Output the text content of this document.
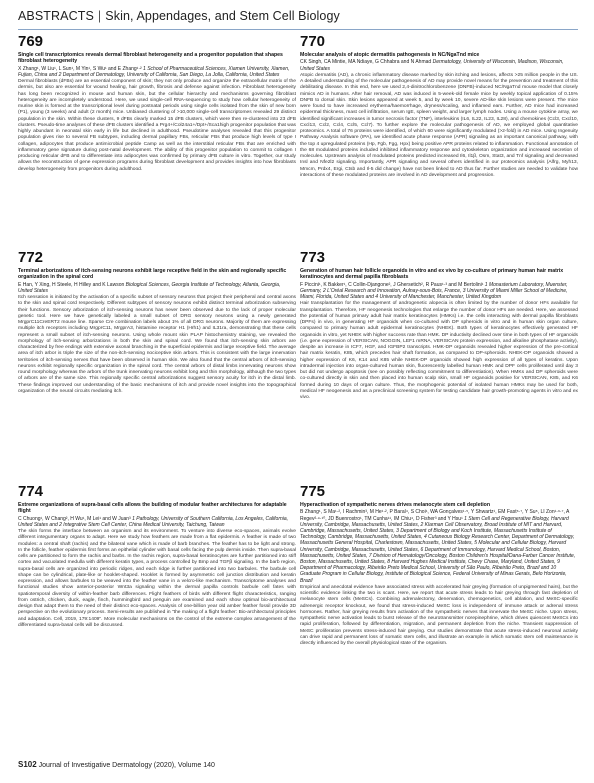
ABSTRACTS | Skin, Appendages, and Stem Cell Biology
769
Single cell transcriptomics reveals dermal fibroblast heterogeneity and a progenitor population that shapes fibroblast heterogeneity
X Zhang¹, W Liu¹, L Sun¹, M Yin¹, S Wu¹ and E Zhang¹·² 1 School of Pharmaceutical Sciences, Xiamen University, Xiamen, Fujian, China and 2 Department of Dermatology, University of California, San Diego, La Jolla, California, United States
Dermal fibroblasts (dFBs) are an essential component of skin; they not only produce and organize the extracellular matrix of the dermis, but also are essential for wound healing, hair growth, fibrosis and defense against infection. Fibroblast heterogeneity has long been recognized in mouse and human skin, but the cellular hierarchy and mechanisms governing fibroblast heterogeneity are incompletely understood. Here, we used single-cell RNA-sequencing to study how cellular heterogeneity of murine skin is formed at the transcriptional level during postnatal periods using single cells isolated from the skin of new born (P1), young (3 weeks) and adult (2 month) mice. Unbiased clustering of >10,000 single-cell transcriptomes revealed 29 distinct population in the skin. Within these clusters, 9 dFBs clearly marked 15 dFB clusters, which were then re-clustered into 23 dFB clusters. Pseudo-time analyses of these dFB clusters identified a Prg4+/Col24a1+/Dpt+/Sca1high progenitor population that was highly abundant in neonatal skin early in life but declined in adulthood. Pseudotime analyses revealed that this progenitor population gives rise to several FB subtypes, including dermal papillary FBs, reticular FBs that produce high levels of type I collagen, adipocytes that produce antimicrobial peptide Camp as well as the interstitial reticular FBs that are enriched with inflammatory gene signature during post-natal development. The ability of this progenitor population to commit to collagen I producing reticular dFB and to differentiate into adipocytes was confirmed by primary dFB culture in vitro. Together, our study allows the reconstruction of gene expression programs during fibroblast development and provides insights into how fibroblasts develop heterogeneity from progenitors during adulthood.
770
Molecular analysis of atopic dermatitis pathogenesis in NC/NgaTnd mice
CK Singh, CA Mintie, MA Ndiaye, G Chhabra and N Ahmad Dermatology, University of Wisconsin, Madison, Wisconsin, United States
Atopic dermatitis (AD), a chronic inflammatory disease marked by skin itching and lesions, affects >25 million people in the US. A detailed understanding of the molecular pathogenesis of AD may provide novel means for the prevention and treatment of this debilitating disease. In this end, here we used 2,4-dinitrochlorobenzene (DNFB)-induced NC/NgaTnd mouse model that closely mimics AD in humans. After hair removal, AD was induced in 5-week-old female mice by weekly topical application of 0.15% DNFB to dorsal skin. Skin lesions appeared at week 5, and by week 10, severe AD-like skin lesions were present. The mice were found to have increased erythema/haemorrhage, dryness/scaling, and inflamed ears. Further, AD mice had increased epidermal thickness, mast cell infiltration, serum IgE, spleen weight, and larger lymph nodes. Using a mouse cytokine array, we identified significant increases in tumor necrosis factor (TNF), interleukins (IL6, IL22, IL23, IL28), and chemokines (Ccl3, Cxcl10, Cxcl13, Ccl2, Ccl4, Ccl5, Ccl7). To further explore the molecular pathogenesis of AD, we employed global quantitative proteomics. A total of 76 proteins were identified, of which 60 were significantly modulated (>2-fold) in AD mice. Using Ingenuity Pathway Analysis software (IPA), we identified acute phase response (APR) signaling as an important canonical pathway, with the top 4 upregulated proteins (Hp, Fgb, Fgg, Hpx) being positive APR proteins related to inflammation. Functional annotation of the 68 modulated proteins included inhibited inflammatory response and cytoskeleton organization and increased secretion of molecules. Upstream analysis of modulated proteins predicted increased Il6, Il1β, Osm, Stat3, and Tnf signaling and decreased Insl and Nfe2l2 signaling. Importantly, APR signaling and several others identified in our proteomics analysis (Alfrg, Myh13, Mmcm, Prdx4, Ergi, Ctsb and Il-5 did change) have not been linked to AD thus far. Further studies are needed to validate how interactions of these modulated proteins are involved in AD development and progression.
772
Terminal arborizations of itch-sensing neurons exhibit large receptive field in the skin and regionally specific organization in the spinal cord
E Han, Y Xing, H Steele, H Hilley and K Lawson Biological Sciences, Georgia Institute of Technology, Atlanta, Georgia, United States
Itch sensation is initiated by the activation of a specific subset of sensory neurons that project their peripheral and central axons to the skin and spinal cord respectively. Different subtypes of sensory neurons exhibit distinct terminal arborization subserving their functions. Sensory arborization of itch-sensing neurons has never been observed due to the lack of proper molecular genetic tool. Here we have genetically labeled a small subset of DRG sensory neurons using a newly generated MrgprC11CreERT2 mouse line. Sparse Cre combination labels about 1% of all DRG neurons. Majority of them are expressing multiple itch receptors including MrgprC11, MrgprA3, histamine receptor H1 (Hrh1) and IL31ra, demonstrating that these cells represent a small subset of itch-sensing neurons. Using whole mount skin PLAP histochemistry staining, we revealed the morphology of itch-sensing arborizations in both the skin and spinal cord. We found that itch-sensing skin arbors are characterized by free endings with extensive axonal branching in the superficial epidermis and large receptive field. The average area of itch arbor is triple the size of the non-itch-sensing nociceptive skin arbors. This is consistent with the large innervation territories of itch-sensing nerves that have been observed in human skin. We also found that the central arbors of itch-sensing neurons exhibit regionally specific organization in the spinal cord. The central arbors of distal limbs innervating neurons show round morphology whereas the arbors of the trunk innervating neurons exhibit long and thin morphology, although the two types of arbors are of the same size. This regionally specific central arborizations suggest sensory acuity for itch in the distal limb. These findings improved our understanding of the basic mechanisms of itch and provide novel insights into the topographical organization of the neural circuits mediating itch.
773
Generation of human hair follicle organoids in vitro and ex vivo by co-culture of primary human hair matrix keratinocytes and dermal papilla fibroblasts
F Piccini¹, K Bakker¹, C Collin-Djangone², J Ghersetich², R Paus¹·³ and M Bertolini¹ 1 Monasterium Laboratory, Muenster, Germany, 2 L'Oréal Research and Innovation, Aulnay-sous-Bois, France, 3 University of Miami Miller School of Medicine, Miami, Florida, United States and 4 University of Manchester, Manchester, United Kingdom
Hair transplantation for the management of androgenetic alopecia is often limited by the number of donor HFs available for transplantation. Therefore, HF neogenesis technologies that enlarge the number of donor HFs are needed. Here, we assessed the potential of human primary adult hair matrix keratinocytes (HMKs) i.e. the cells interacting with dermal papilla fibroblasts (DPFs) in vivo, in generating HF organoids when co-cultured with DP spheroids in vitro and in human skin organ culture, compared to primary human adult epidermal keratinocytes (NHEK). Both types of keratinocytes effectively generated HF organoids in vitro, yet NHEK with higher success rate than HMK. DP inductivity declined over time in both types of HF organoids (i.e. gene expression of VERSICAN, NOGGIN, LEF1 mRNA, VERSICAN protein expression, and alkaline phosphatase activity), despite an increase in ICF7, HGF, and IGFBP2 transcripts. HMK-DP organoids revealed higher expression of the pre-cortical hair matrix keratin, K85, which precedes hair shaft formation, as compared to DP-spheroids. NHEK-DP organoids showed a higher expression of K6, K14 and K85 while NHEK-DP organoids showed high expression of all types of keratins. Upon intradermal injection into organ-cultured human skin, fluorescently labelled human HMK and DPF cells proliferated until day 3 but did not undergo apoptosis (see on possibly reflecting commitment to differentiation). When HMKs and DP spheroids were co-cultured directly in skin and then placed into human scalp skin, small HF organoids positive for VERSICAN, K85, and K6 formed during 10 days of organ culture. Thus, the morphogenic potential of isolated human HMKs may be used for both, medical HF neogenesis and as a preclinical screening system for testing candidate hair growth-promoting agents in vitro and ex vivo.
774
Extreme organizations of supra-basal cells allows the building of modular feather architectures for adaptable flight
C Chuong¹, W Chang², H Wu¹, M Lei¹ and W Juan³ 1 Pathology, University of Southern California, Los Angeles, California, United States and 2 Integrative Stem Cell Center, China Medical University, Taichung, Taiwan
The skin forms the interface between an organism and its environment. To venture into diverse eco-spaces, animals evolve different integumentary organs to adapt. Here we study how feathers are made from a flat epidermis. A feather is made of two modules: a central shaft (rachis) and the bilateral vane which is made of barb branches. The feather has to be light and strong. In the follicle, feather epidermis first forms an epithelial cylinder with basal cells facing the pulp dermis inside. Then supra-basal cells are partitioned to form the rachis and barbs. In the rachis region, supra-basal keratinocytes are further partitioned into stiff cortex and vacuolated medulla with different keratin types, a process controlled by Bmp and TGFβ signaling. In the barb region, supra-basal cells are organized into periodic ridges, and each ridge is further partitioned into two barbules. The barbule cell shape can be cylindrical, plate-like or hooklet-shaped. Hooklet is formed by asymmetric cell junction distribution and keratin expression, and allows barbules to be weaved into the feather vane in a velcro-like mechanism. Transcriptome analyses and functional studies show anterior-posterior Wnt3a signaling within the dermal papilla controls barbule cell fates with spatiotemporal diversity of within-feather barb differences. Flight feathers of birds with different flight characteristics, ranging from ostrich, chicken, duck, eagle, finch, hummingbird and penguin are examined and each show optimal bio-architectural design that adapt them to the need of their distinct eco-spaces. Analysis of one-billion year old amber feather fossil provide 3D perspective on the evolutionary process. Semi-results are published in "the making of a flight feather: Bio-architectural principles and adaptation. Cell, 2019, 179:1409". More molecular mechanisms on the control of the extreme complex arrangement of the differentiated supra-basal cells will be discussed.
775
Hyperactivation of sympathetic nerves drives melanocyte stem cell depletion
B Zhang¹, S Ma¹·², I Rachmin³, M He¹·², P Baral⁴, S Choi¹, WA Gonçalves¹·⁵, Y Shwartz¹, EM Fast⁶·⁷, Y Su⁸, LI Zon¹·⁶·⁷, A Regev²·⁹·¹⁰, JD Buenrostro¹, TM Cunha¹¹, IM Chiu⁴, D Fisher³ and Y Hsu¹ 1 Stem Cell and Regenerative Biology, Harvard University, Cambridge, Massachusetts, United States, 2 Klarman Cell Observatory, Broad Institute of MIT and Harvard, Cambridge, Massachusetts, United States, 3 Department of Biology and Koch Institute, Massachusetts Institute of Technology, Cambridge, Massachusetts, United States, 4 Cutaneous Biology Research Center, Department of Dermatology, Massachusetts General Hospital, Charlestown, Massachusetts, United States, 5 Molecular and Cellular Biology, Harvard University, Cambridge, Massachusetts, United States, 6 Department of Immunology, Harvard Medical School, Boston, Massachusetts, United States, 7 Division of Hematology/Oncology, Boston Children's Hospital/Dana-Farber Cancer Institute, Boston, Massachusetts, United States, 8 Harvard Hughes Medical Institute, Chevy Chase, Maryland, United States, 9 Department of Pharmacology, Ribeirão Preto Medical School, University of São Paulo, Ribeirão Preto, Brazil and 10 Graduate Program in Cellular Biology, Institute of Biological Science, Federal University of Minas Gerais, Belo Horizonte, Brazil
Empirical and anecdotal evidence have associated stress with accelerated hair greying (formation of unpigmented hairs), but the scientific evidence linking the two is scant. Here, we report that acute stress leads to hair greying through fast depletion of melanocyte stem cells (MeSCs). Combining adrenalectomy, denervation, chemogenetics, cell ablation, and MeSC-specific adrenergic receptor knockout, we found that stress-induced MeSC loss is independent of immune attack or adrenal stress hormones. Rather, hair greying results from activation of the sympathetic nerves that innervate the MeSC niche. Upon stress, sympathetic nerve activation leads to burst release of the neurotransmitter norepinephrine, which drives quiescent MeSCs into rapid proliferation, followed by differentiation, migration, and permanent depletion from the niche. Transient suppression of MeSC proliferation prevents stress-induced hair greying. Our studies demonstrate that acute stress-induced neuronal activity can drive rapid and permanent loss of somatic stem cells, and illustrate an example in which somatic stem cell maintenance is directly influenced by the overall physiological state of the organism.
S102 Journal of Investigative Dermatology (2020), Volume 140
